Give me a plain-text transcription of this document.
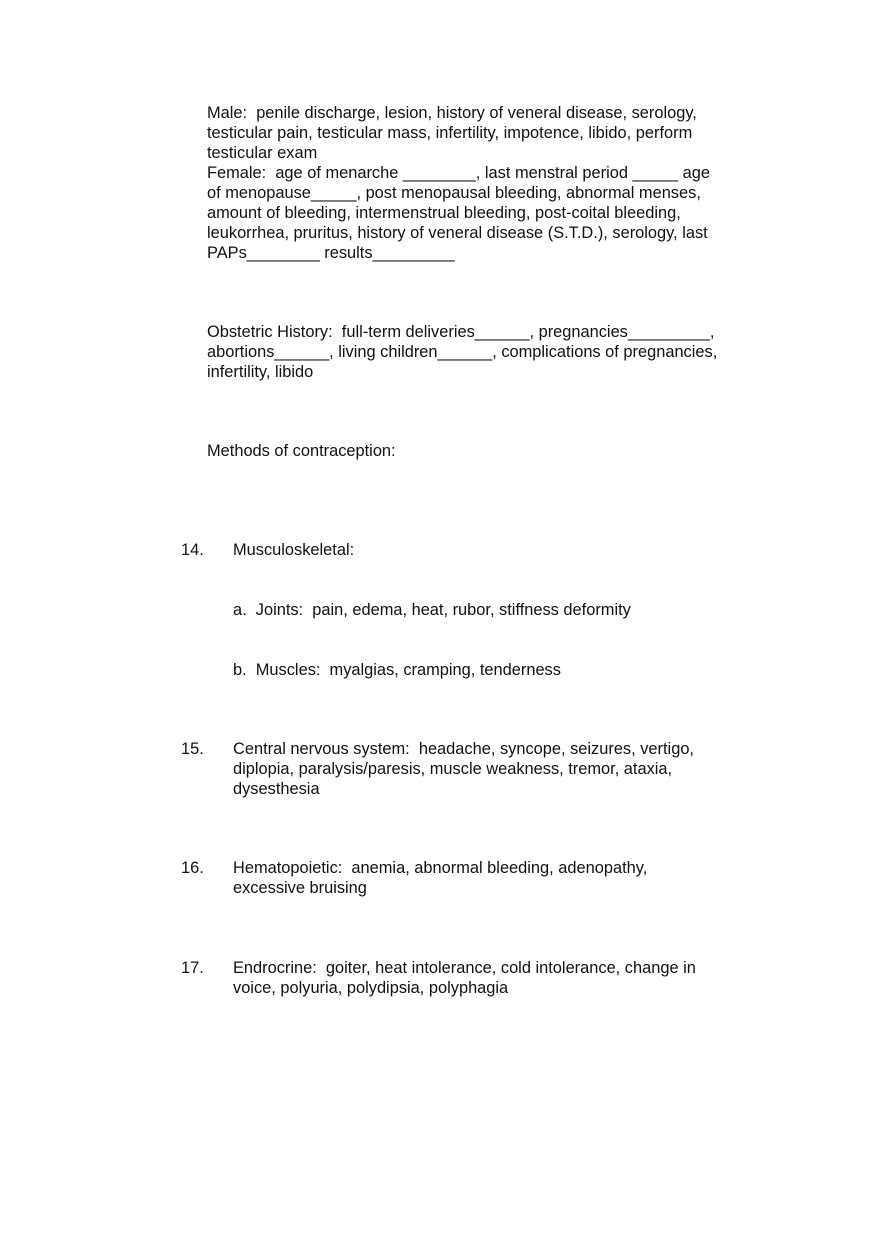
Male:  penile discharge, lesion, history of veneral disease, serology,
testicular pain, testicular mass, infertility, impotence, libido, perform
testicular exam
Female:  age of menarche ________, last menstral period _____ age
of menopause_____, post menopausal bleeding, abnormal menses,
amount of bleeding, intermenstrual bleeding, post-coital bleeding,
leukorrhea, pruritus, history of veneral disease (S.T.D.), serology, last
PAPs________ results_________
Obstetric History:  full-term deliveries______, pregnancies_________,
abortions______, living children______, complications of pregnancies,
infertility, libido
Methods of contraception:
14. Musculoskeletal:
a.  Joints:  pain, edema, heat, rubor, stiffness deformity
b.  Muscles:  myalgias, cramping, tenderness
15. Central nervous system:  headache, syncope, seizures, vertigo,
diplopia, paralysis/paresis, muscle weakness, tremor, ataxia,
dysesthesia
16. Hematopoietic:  anemia, abnormal bleeding, adenopathy,
excessive bruising
17. Endrocrine:  goiter, heat intolerance, cold intolerance, change in
voice, polyuria, polydipsia, polyphagia
